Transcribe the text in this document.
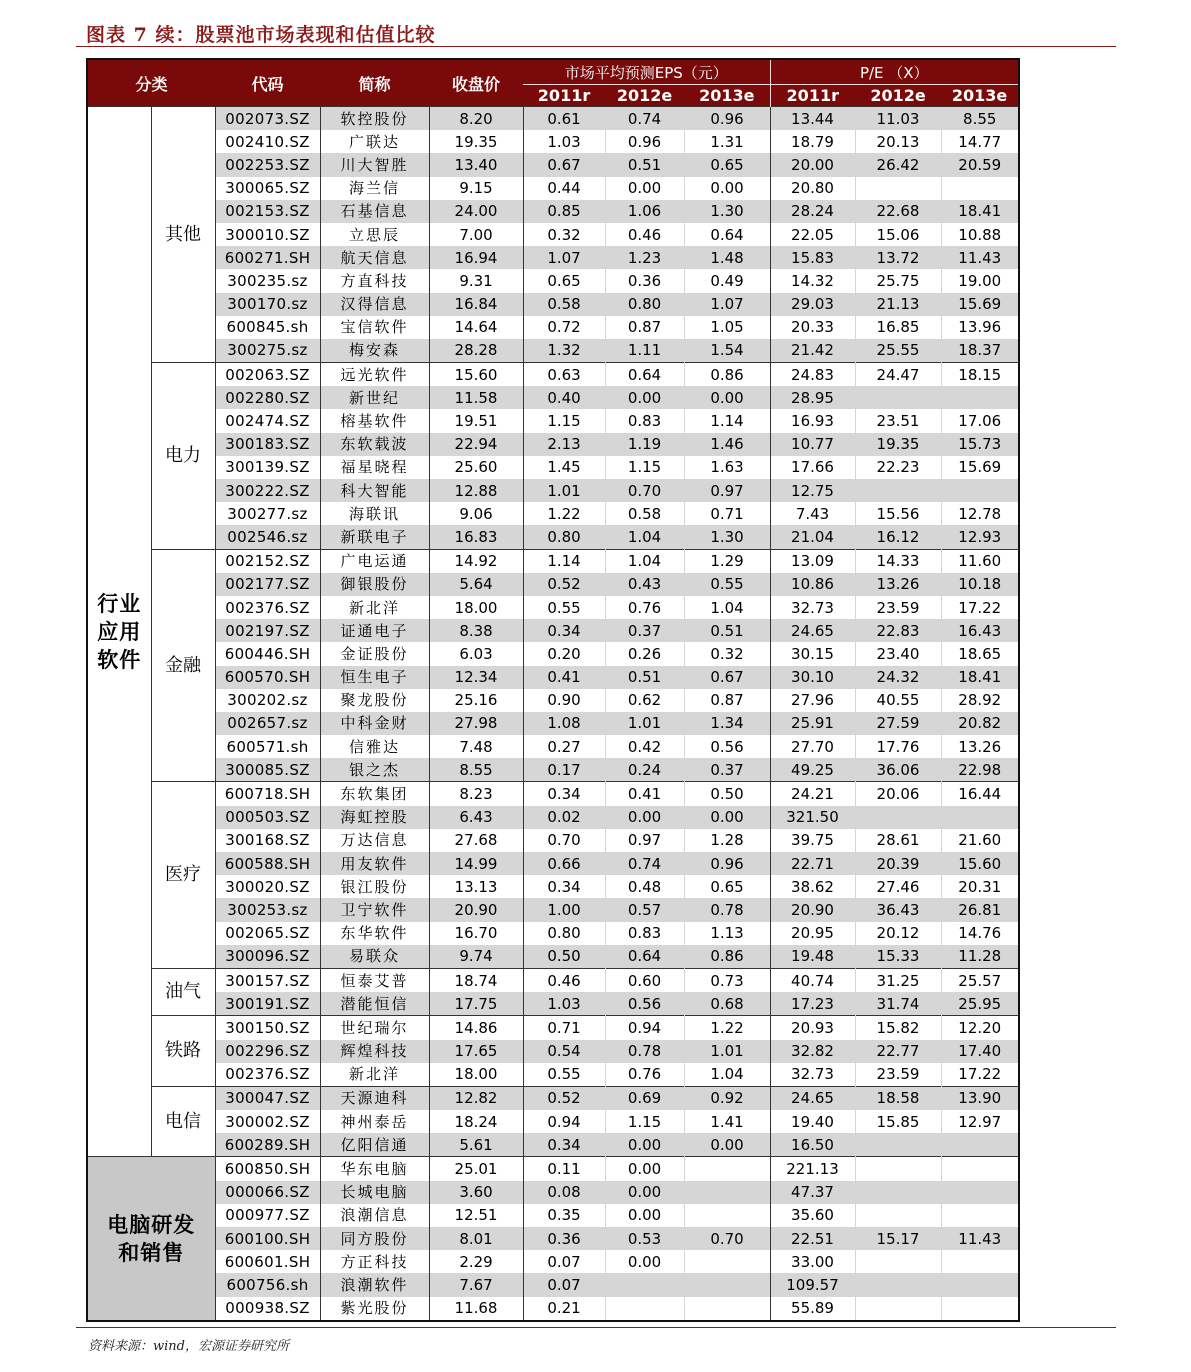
图表 7 续：股票池市场表现和估值比较
分类		代码	简称	收盘价	市场平均预测EPS（元）			P/E （X）		
					2011r	2012e	2013e	2011r	2012e	2013e
行业
应用
软件	其他	002073.SZ	软控股份	8.20	0.61	0.74	0.96	13.44	11.03	8.55
		002410.SZ	广联达	19.35	1.03	0.96	1.31	18.79	20.13	14.77
		002253.SZ	川大智胜	13.40	0.67	0.51	0.65	20.00	26.42	20.59
		300065.SZ	海兰信	9.15	0.44	0.00	0.00	20.80		
		002153.SZ	石基信息	24.00	0.85	1.06	1.30	28.24	22.68	18.41
		300010.SZ	立思辰	7.00	0.32	0.46	0.64	22.05	15.06	10.88
		600271.SH	航天信息	16.94	1.07	1.23	1.48	15.83	13.72	11.43
		300235.sz	方直科技	9.31	0.65	0.36	0.49	14.32	25.75	19.00
		300170.sz	汉得信息	16.84	0.58	0.80	1.07	29.03	21.13	15.69
		600845.sh	宝信软件	14.64	0.72	0.87	1.05	20.33	16.85	13.96
		300275.sz	梅安森	28.28	1.32	1.11	1.54	21.42	25.55	18.37
	电力	002063.SZ	远光软件	15.60	0.63	0.64	0.86	24.83	24.47	18.15
		002280.SZ	新世纪	11.58	0.40	0.00	0.00	28.95		
		002474.SZ	榕基软件	19.51	1.15	0.83	1.14	16.93	23.51	17.06
		300183.SZ	东软载波	22.94	2.13	1.19	1.46	10.77	19.35	15.73
		300139.SZ	福星晓程	25.60	1.45	1.15	1.63	17.66	22.23	15.69
		300222.SZ	科大智能	12.88	1.01	0.70	0.97	12.75		
		300277.sz	海联讯	9.06	1.22	0.58	0.71	7.43	15.56	12.78
		002546.sz	新联电子	16.83	0.80	1.04	1.30	21.04	16.12	12.93
	金融	002152.SZ	广电运通	14.92	1.14	1.04	1.29	13.09	14.33	11.60
		002177.SZ	御银股份	5.64	0.52	0.43	0.55	10.86	13.26	10.18
		002376.SZ	新北洋	18.00	0.55	0.76	1.04	32.73	23.59	17.22
		002197.SZ	证通电子	8.38	0.34	0.37	0.51	24.65	22.83	16.43
		600446.SH	金证股份	6.03	0.20	0.26	0.32	30.15	23.40	18.65
		600570.SH	恒生电子	12.34	0.41	0.51	0.67	30.10	24.32	18.41
		300202.sz	聚龙股份	25.16	0.90	0.62	0.87	27.96	40.55	28.92
		002657.sz	中科金财	27.98	1.08	1.01	1.34	25.91	27.59	20.82
		600571.sh	信雅达	7.48	0.27	0.42	0.56	27.70	17.76	13.26
		300085.SZ	银之杰	8.55	0.17	0.24	0.37	49.25	36.06	22.98
	医疗	600718.SH	东软集团	8.23	0.34	0.41	0.50	24.21	20.06	16.44
		000503.SZ	海虹控股	6.43	0.02	0.00	0.00	321.50		
		300168.SZ	万达信息	27.68	0.70	0.97	1.28	39.75	28.61	21.60
		600588.SH	用友软件	14.99	0.66	0.74	0.96	22.71	20.39	15.60
		300020.SZ	银江股份	13.13	0.34	0.48	0.65	38.62	27.46	20.31
		300253.sz	卫宁软件	20.90	1.00	0.57	0.78	20.90	36.43	26.81
		002065.SZ	东华软件	16.70	0.80	0.83	1.13	20.95	20.12	14.76
		300096.SZ	易联众	9.74	0.50	0.64	0.86	19.48	15.33	11.28
	油气	300157.SZ	恒泰艾普	18.74	0.46	0.60	0.73	40.74	31.25	25.57
		300191.SZ	潜能恒信	17.75	1.03	0.56	0.68	17.23	31.74	25.95
	铁路	300150.SZ	世纪瑞尔	14.86	0.71	0.94	1.22	20.93	15.82	12.20
		002296.SZ	辉煌科技	17.65	0.54	0.78	1.01	32.82	22.77	17.40
		002376.SZ	新北洋	18.00	0.55	0.76	1.04	32.73	23.59	17.22
	电信	300047.SZ	天源迪科	12.82	0.52	0.69	0.92	24.65	18.58	13.90
		300002.SZ	神州泰岳	18.24	0.94	1.15	1.41	19.40	15.85	12.97
		600289.SH	亿阳信通	5.61	0.34	0.00	0.00	16.50		
电脑研发
和销售		600850.SH	华东电脑	25.01	0.11	0.00		221.13		
		000066.SZ	长城电脑	3.60	0.08	0.00		47.37		
		000977.SZ	浪潮信息	12.51	0.35	0.00		35.60		
		600100.SH	同方股份	8.01	0.36	0.53	0.70	22.51	15.17	11.43
		600601.SH	方正科技	2.29	0.07	0.00		33.00		
		600756.sh	浪潮软件	7.67	0.07			109.57		
		000938.SZ	紫光股份	11.68	0.21			55.89		
资料来源：wind，宏源证券研究所
